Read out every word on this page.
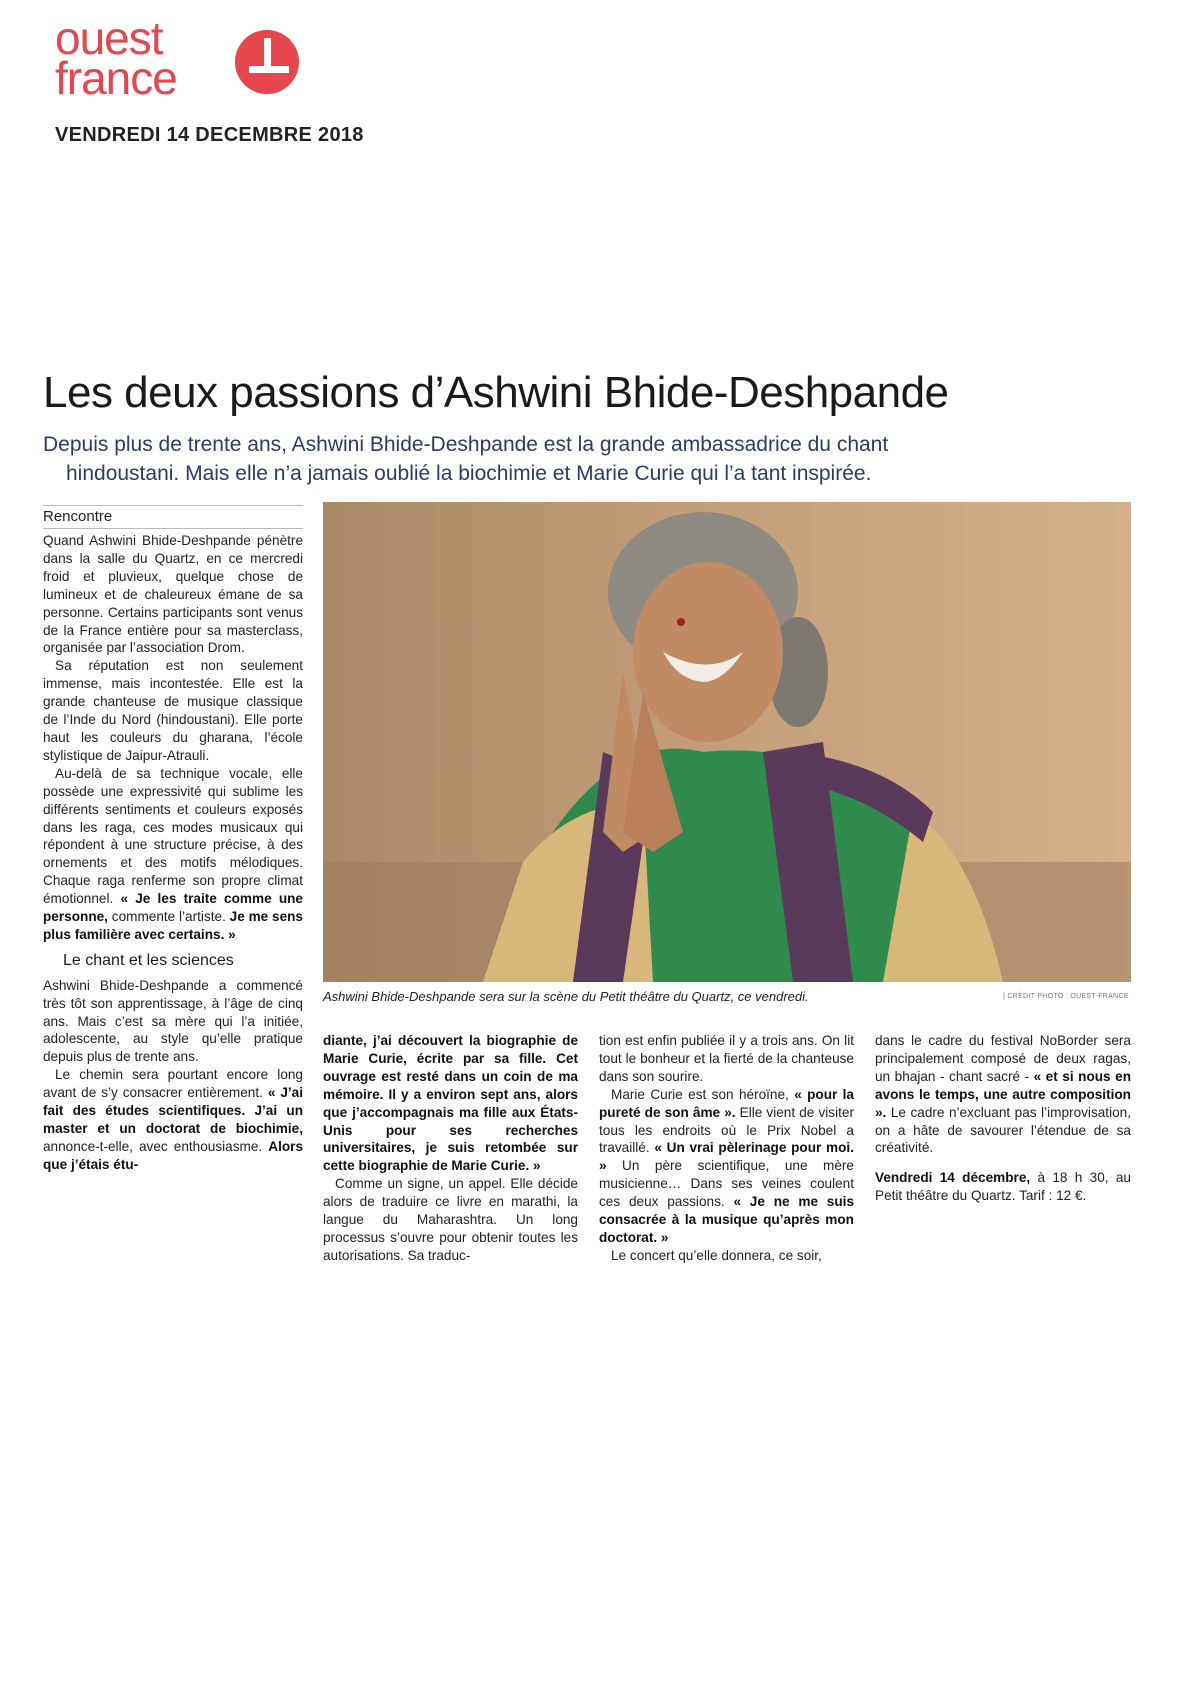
ouest
france
VENDREDI 14 DECEMBRE 2018
Les deux passions d’Ashwini Bhide-Deshpande

Depuis plus de trente ans, Ashwini Bhide-Deshpande est la grande ambassadrice du chant
hindoustani. Mais elle n’a jamais oublié la biochimie et Marie Curie qui l’a tant inspirée.

Rencontre

Quand Ashwini Bhide-Deshpande pénètre dans la salle du Quartz, en ce mercredi froid et pluvieux, quelque chose de lumineux et de chaleureux émane de sa personne. Certains participants sont venus de la France entière pour sa masterclass, organisée par l’association Drom.

Sa réputation est non seulement immense, mais incontestée. Elle est la grande chanteuse de musique classique de l’Inde du Nord (hindoustani). Elle porte haut les couleurs du gharana, l’école stylistique de Jaipur-Atrauli.

Au-delà de sa technique vocale, elle possède une expressivité qui sublime les différents sentiments et couleurs exposés dans les raga, ces modes musicaux qui répondent à une structure précise, à des ornements et des motifs mélodiques. Chaque raga renferme son propre climat émotionnel. « Je les traite comme une personne, commente l’artiste. Je me sens plus familière avec certains. »

Le chant et les sciences

Ashwini Bhide-Deshpande a commencé très tôt son apprentissage, à l’âge de cinq ans. Mais c’est sa mère qui l’a initiée, adolescente, au style qu’elle pratique depuis plus de trente ans.

Le chemin sera pourtant encore long avant de s’y consacrer entièrement. « J’ai fait des études scientifiques. J’ai un master et un doctorat de biochimie, annonce-t-elle, avec enthousiasme. Alors que j’étais étu-

Ashwini Bhide-Deshpande sera sur la scène du Petit théâtre du Quartz, ce vendredi.	| CRÉDIT PHOTO : OUEST-FRANCE

diante, j’ai découvert la biographie de Marie Curie, écrite par sa fille. Cet ouvrage est resté dans un coin de ma mémoire. Il y a environ sept ans, alors que j’accompagnais ma fille aux États-Unis pour ses recherches universitaires, je suis retombée sur cette biographie de Marie Curie. »

Comme un signe, un appel. Elle décide alors de traduire ce livre en marathi, la langue du Maharashtra. Un long processus s’ouvre pour obtenir toutes les autorisations. Sa traduc-

tion est enfin publiée il y a trois ans. On lit tout le bonheur et la fierté de la chanteuse dans son sourire.

Marie Curie est son héroïne, « pour la pureté de son âme ». Elle vient de visiter tous les endroits où le Prix Nobel a travaillé. « Un vrai pèlerinage pour moi. » Un père scientifique, une mère musicienne… Dans ses veines coulent ces deux passions. « Je ne me suis consacrée à la musique qu’après mon doctorat. »

Le concert qu’elle donnera, ce soir,

dans le cadre du festival NoBorder sera principalement composé de deux ragas, un bhajan - chant sacré - « et si nous en avons le temps, une autre composition ». Le cadre n’excluant pas l’improvisation, on a hâte de savourer l’étendue de sa créativité.

Vendredi 14 décembre, à 18 h 30, au Petit théâtre du Quartz. Tarif : 12 €.
